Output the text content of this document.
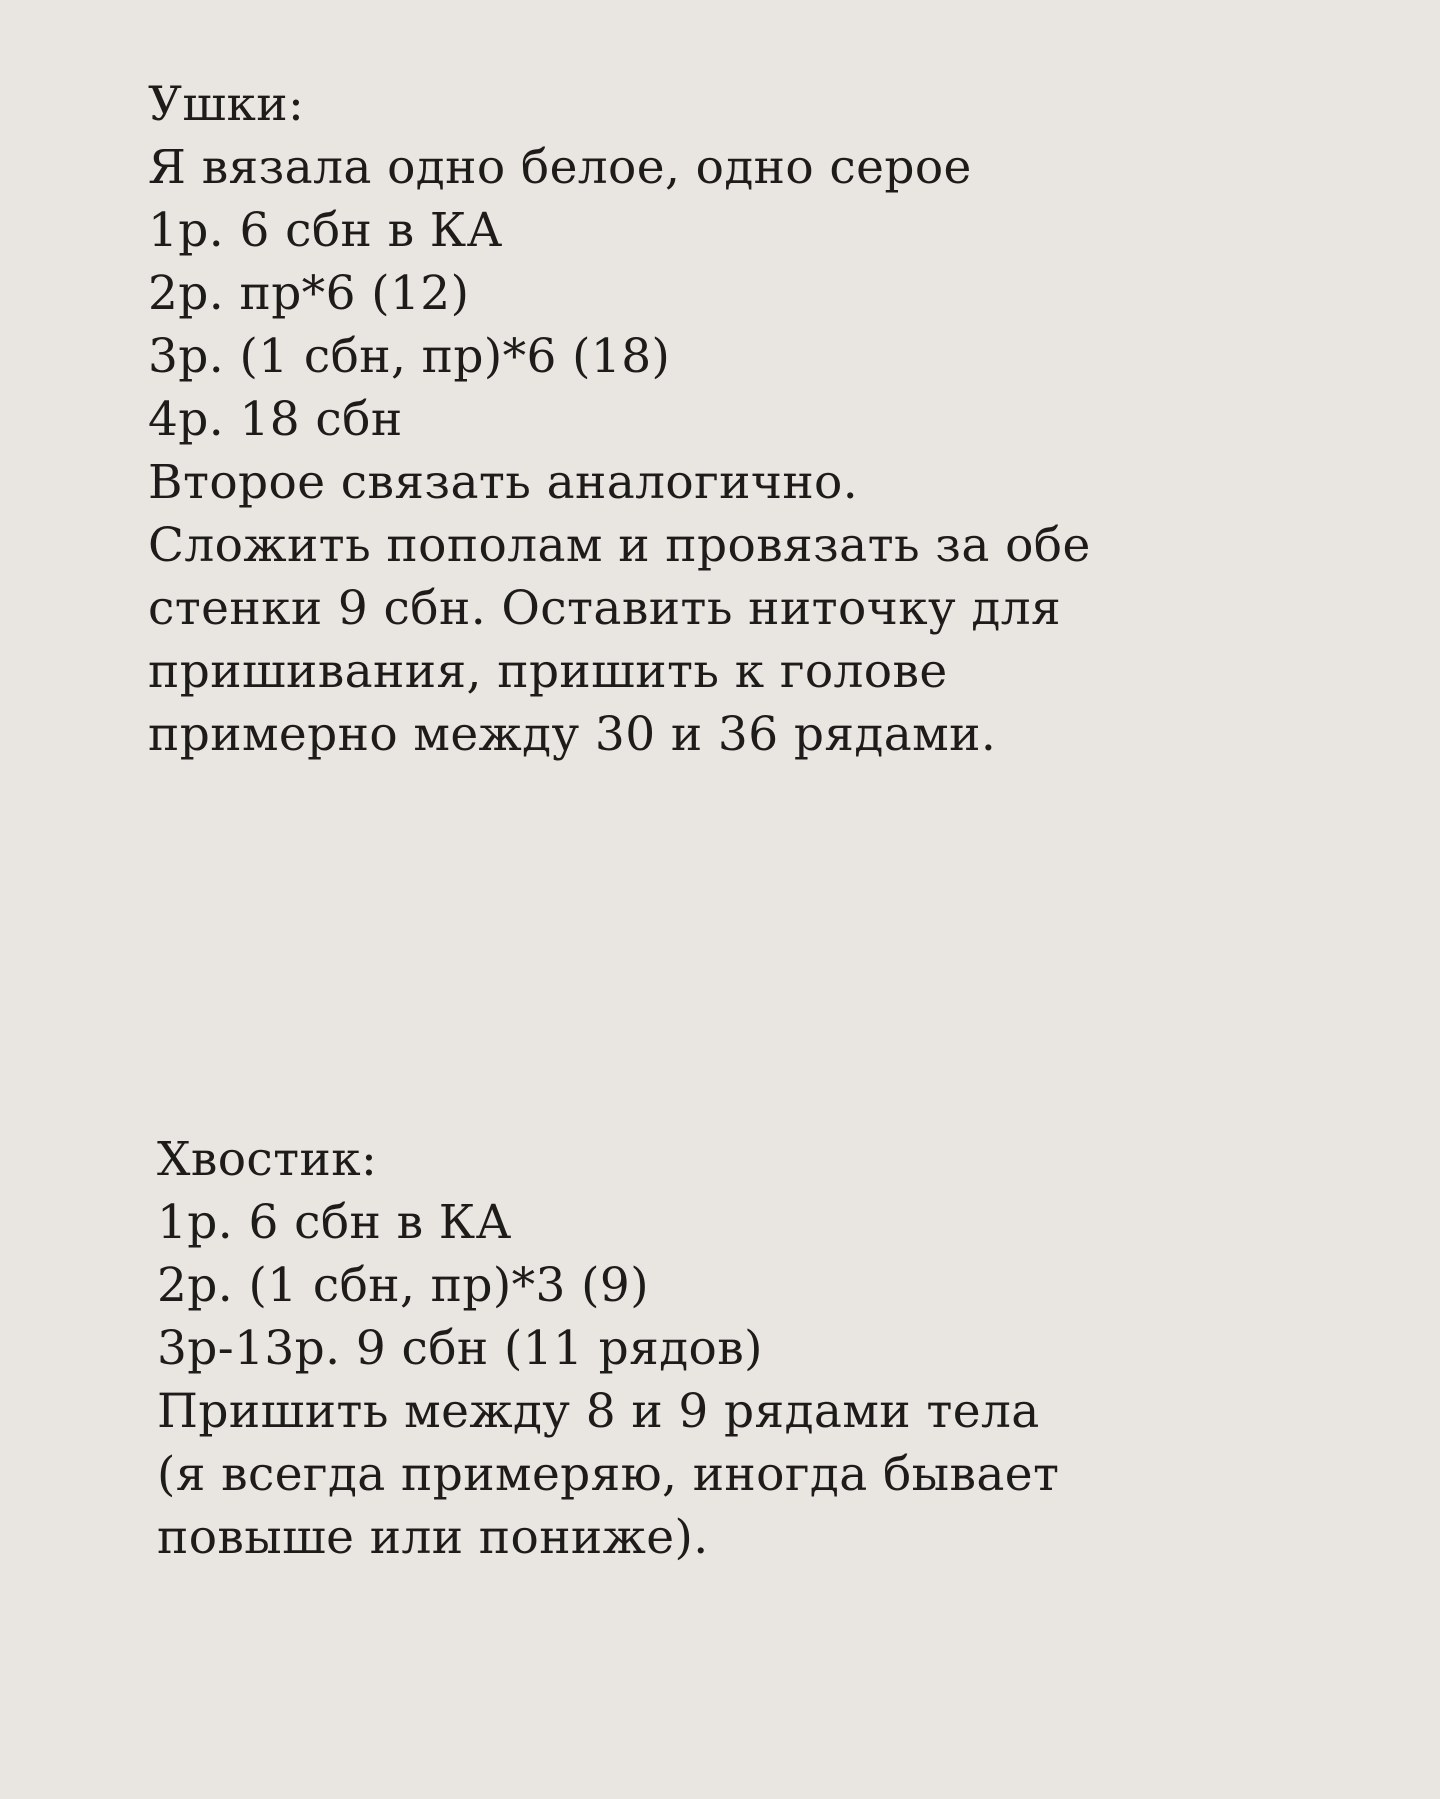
Ушки:
Я вязала одно белое, одно серое
1р. 6 сбн в КА
2р. пр*6 (12)
3р. (1 сбн, пр)*6 (18)
4р. 18 сбн
Второе связать аналогично.
Сложить пополам и провязать за обе
стенки 9 сбн. Оставить ниточку для
пришивания, пришить к голове
примерно между 30 и 36 рядами.
Хвостик:
1р. 6 сбн в КА
2р. (1 сбн, пр)*3 (9)
3р-13р. 9 сбн (11 рядов)
Пришить между 8 и 9 рядами тела
(я всегда примеряю, иногда бывает
повыше или пониже).
